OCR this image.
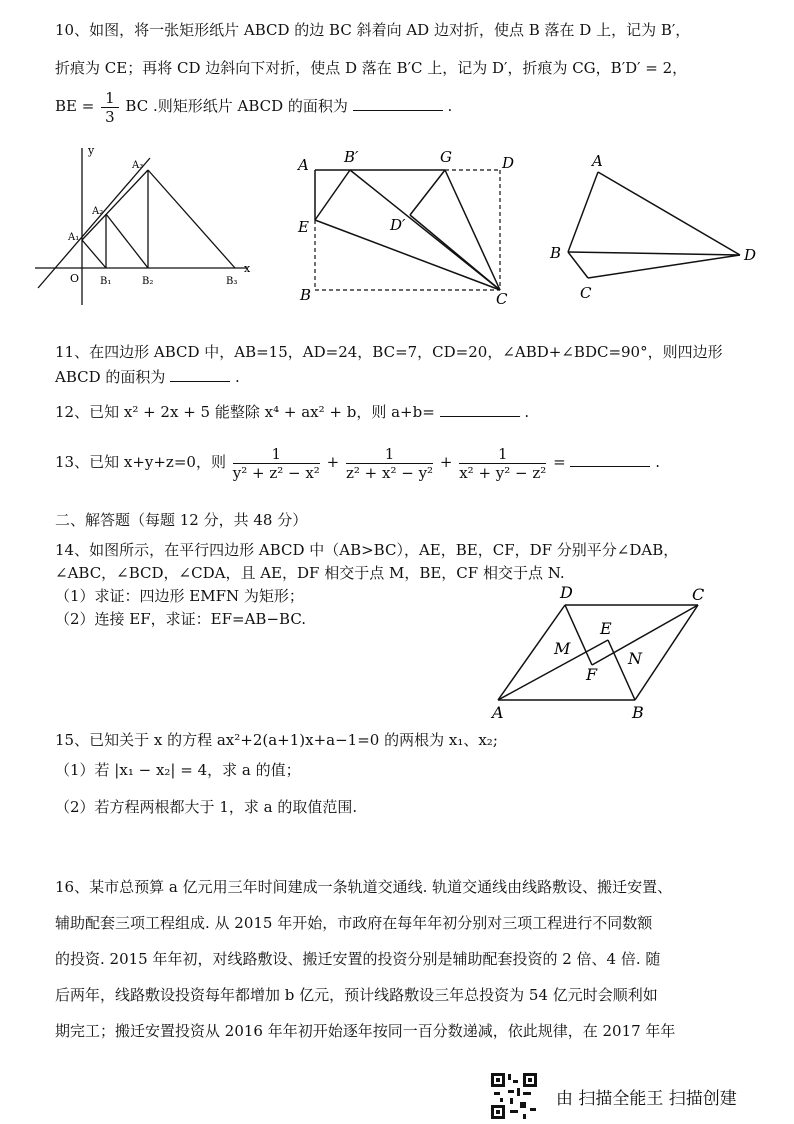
10、如图，将一张矩形纸片 ABCD 的边 BC 斜着向 AD 边对折，使点 B 落在 D 上，记为 B′，
折痕为 CE；再将 CD 边斜向下对折，使点 D 落在 B′C 上，记为 D′，折痕为 CG，B′D′ = 2，
BE = $\frac{1}{3}$ BC .则矩形纸片 ABCD 的面积为	.
y
x
O
A₁
A₂
A₃
B₁	B₂	B₃
A B′	G	D
E	D′
B	C
A
B
C
D
11、在四边形 ABCD 中，AB=15，AD=24，BC=7，CD=20，∠ABD+∠BDC=90°，则四边形
ABCD 的面积为	.
12、已知 x² + 2x + 5 能整除 x⁴ + ax² + b，则 a+b=	.
13、已知 x+y+z=0，则 $\frac{1}{\text{y² + z² − x²}} + \frac{1}{\text{z² + x² − y²}} + \frac{1}{\text{x² + y² − z²}}$ =	.
二、解答题（每题 12 分，共 48 分）
14、如图所示，在平行四边形 ABCD 中（AB>BC），AE，BE，CF，DF 分别平分∠DAB，
∠ABC，∠BCD，∠CDA，且 AE，DF 相交于点 M，BE，CF 相交于点 N.
（1）求证：四边形 EMFN 为矩形；
（2）连接 EF，求证：EF=AB−BC.
D	C
E
M
N
F
A	B
15、已知关于 x 的方程 ax²+2(a+1)x+a−1=0 的两根为 x₁、x₂;
（1）若 |x₁ − x₂| = 4，求 a 的值；
（2）若方程两根都大于 1，求 a 的取值范围.
16、某市总预算 a 亿元用三年时间建成一条轨道交通线. 轨道交通线由线路敷设、搬迁安置、
辅助配套三项工程组成. 从 2015 年开始，市政府在每年年初分别对三项工程进行不同数额
的投资. 2015 年年初，对线路敷设、搬迁安置的投资分别是辅助配套投资的 2 倍、4 倍. 随
后两年，线路敷设投资每年都增加 b 亿元，预计线路敷设三年总投资为 54 亿元时会顺利如
期完工；搬迁安置投资从 2016 年年初开始逐年按同一百分数递减，依此规律，在 2017 年年
由 扫描全能王 扫描创建
